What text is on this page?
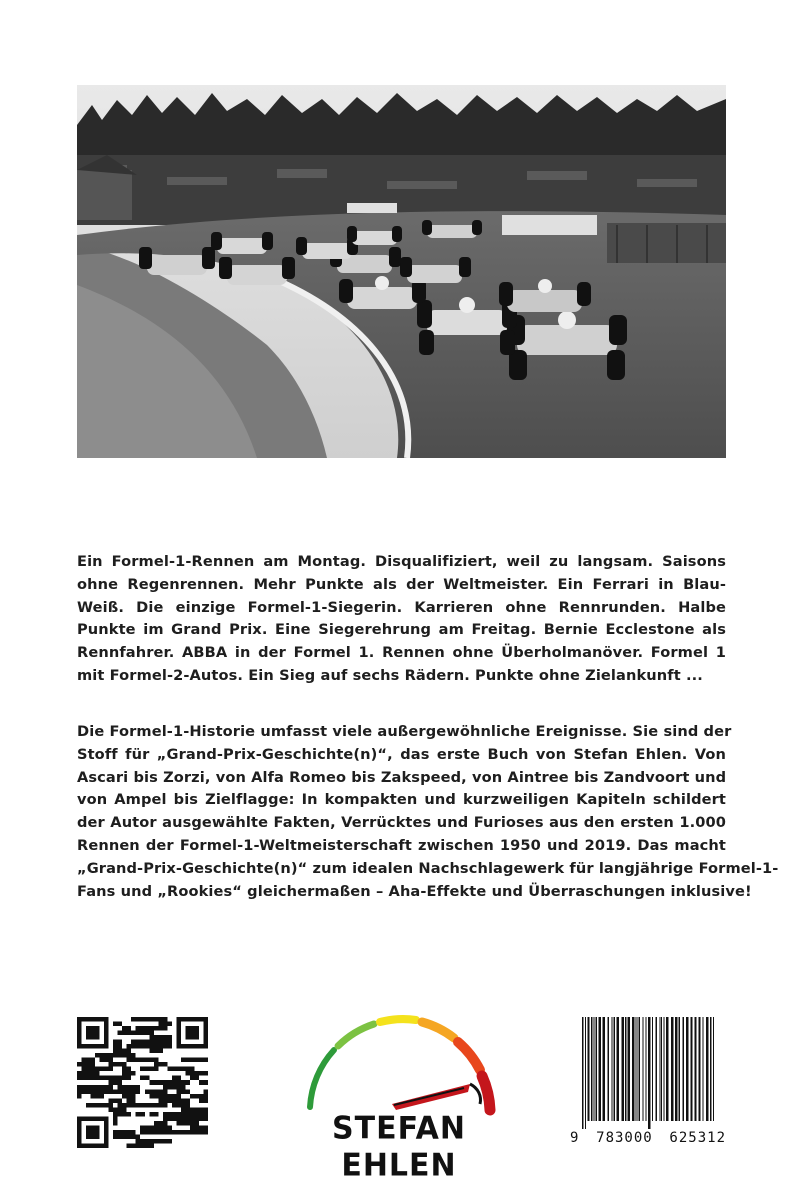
Ein Formel-1-Rennen am Montag. Disqualifiziert, weil zu langsam. Saisons
ohne Regenrennen. Mehr Punkte als der Weltmeister. Ein Ferrari in Blau-
Weiß. Die einzige Formel-1-Siegerin. Karrieren ohne Rennrunden. Halbe
Punkte im Grand Prix. Eine Siegerehrung am Freitag. Bernie Ecclestone als
Rennfahrer. ABBA in der Formel 1. Rennen ohne Überholmanöver. Formel 1
mit Formel-2-Autos. Ein Sieg auf sechs Rädern. Punkte ohne Zielankunft ...
Die Formel-1-Historie umfasst viele außergewöhnliche Ereignisse. Sie sind der
Stoff für „Grand-Prix-Geschichte(n)“, das erste Buch von Stefan Ehlen. Von
Ascari bis Zorzi, von Alfa Romeo bis Zakspeed, von Aintree bis Zandvoort und
von Ampel bis Zielflagge: In kompakten und kurzweiligen Kapiteln schildert
der Autor ausgewählte Fakten, Verrücktes und Furioses aus den ersten 1.000
Rennen der Formel-1-Weltmeisterschaft zwischen 1950 und 2019. Das macht
„Grand-Prix-Geschichte(n)“ zum idealen Nachschlagewerk für langjährige Formel-1-
Fans und „Rookies“ gleichermaßen – Aha-Effekte und Überraschungen inklusive!
STEFAN EHLEN
9 783000 625312
